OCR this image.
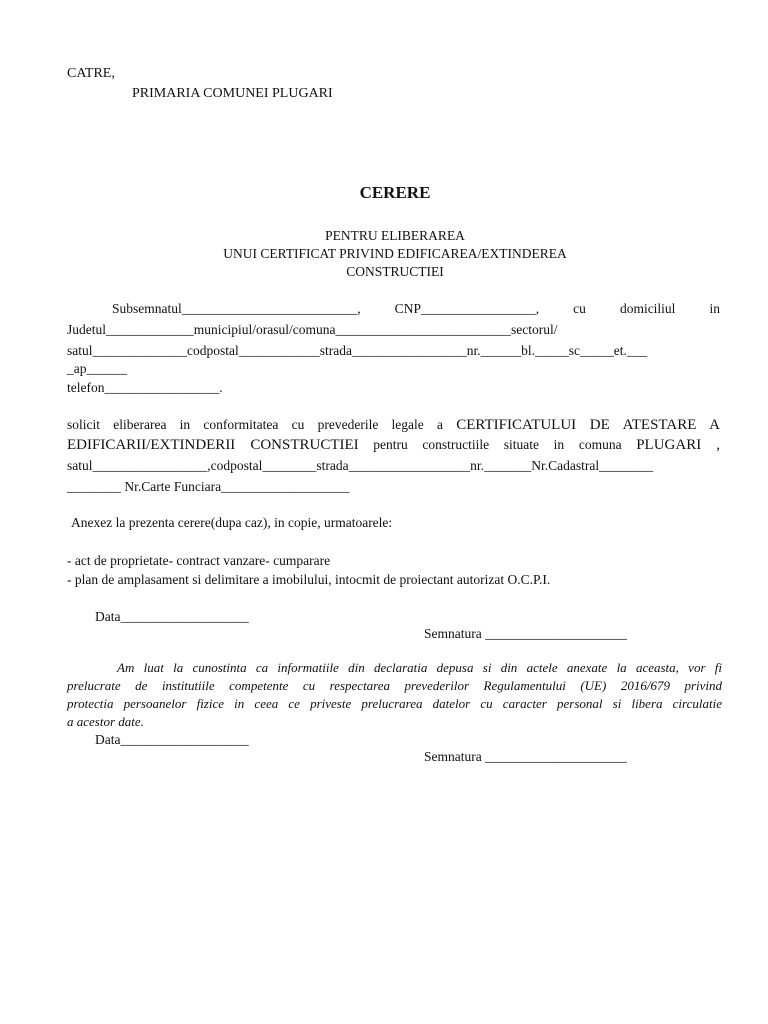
CATRE,
PRIMARIA COMUNEI PLUGARI
CERERE
PENTRU ELIBERAREA
UNUI CERTIFICAT PRIVIND EDIFICAREA/EXTINDEREA
CONSTRUCTIEI
Subsemnatul__________________________, CNP_________________, cu domiciliul in
Judetul_____________municipiul/orasul/comuna__________________________sectorul/
satul______________codpostal____________strada_________________nr.______bl._____sc_____et.___
_ap______
telefon_________________.
solicit eliberarea in conformitatea cu prevederile legale a CERTIFICATULUI DE ATESTARE A
EDIFICARII/EXTINDERII CONSTRUCTIEI pentru constructiile situate in comuna PLUGARI ,
satul_________________,codpostal________strada__________________nr._______Nr.Cadastral________
________ Nr.Carte Funciara___________________
Anexez la prezenta cerere(dupa caz), in copie, urmatoarele:
- act de proprietate- contract vanzare- cumparare
- plan de amplasament si delimitare a imobilului, intocmit de proiectant autorizat O.C.P.I.
Data___________________
Semnatura _____________________
Am luat la cunostinta ca informatiile din declaratia depusa si din actele anexate la aceasta, vor fi
prelucrate de institutiile competente cu respectarea prevederilor Regulamentului (UE) 2016/679 privind
protectia persoanelor fizice in ceea ce priveste prelucrarea datelor cu caracter personal si libera circulatie
a acestor date.
Data___________________
Semnatura _____________________
